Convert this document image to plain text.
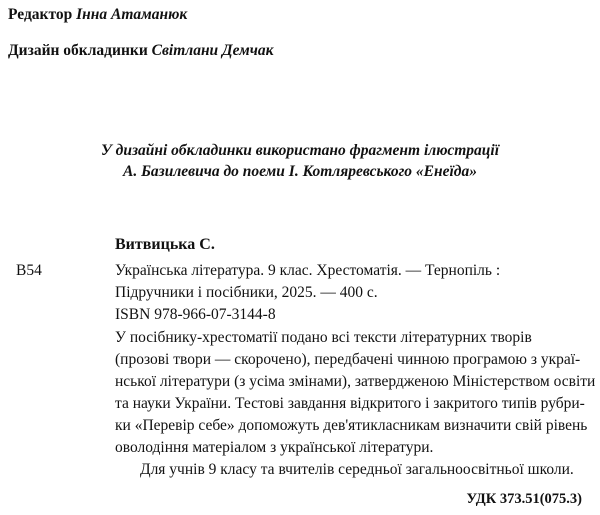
Редактор Інна Атаманюк
Дизайн обкладинки Світлани Демчак
У дизайні обкладинки використано фрагмент ілюстрації
А. Базилевича до поеми І. Котляревського «Енеїда»
Витвицька С.
В54	Українська література. 9 клас. Хрестоматія. — Тернопіль :
Підручники і посібники, 2025. — 400 с.
ISBN 978-966-07-3144-8
У посібнику-хрестоматії подано всі тексти літературних творів
(прозові твори — скорочено), передбачені чинною програмою з украї-
нської літератури (з усіма змінами), затвердженою Міністерством освіти
та науки України. Тестові завдання відкритого і закритого типів рубри-
ки «Перевір себе» допоможуть дев'ятикласникам визначити свій рівень
оволодіння матеріалом з української літератури.
Для учнів 9 класу та вчителів середньої загальноосвітньої школи.
УДК 373.51(075.3)
